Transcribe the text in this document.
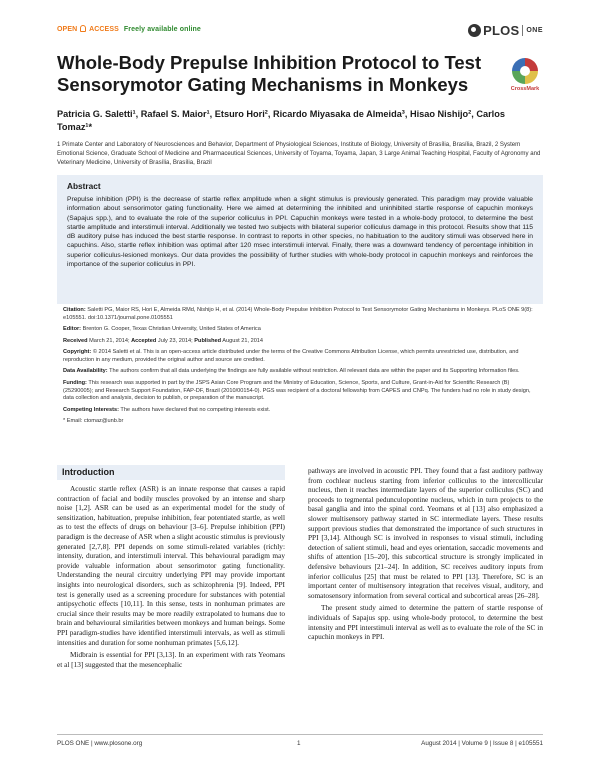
OPEN ACCESS Freely available online	PLOS ONE
Whole-Body Prepulse Inhibition Protocol to Test Sensorymotor Gating Mechanisms in Monkeys	CrossMark
Patricia G. Saletti¹, Rafael S. Maior¹, Etsuro Hori², Ricardo Miyasaka de Almeida³, Hisao Nishijo², Carlos Tomaz¹*
1 Primate Center and Laboratory of Neurosciences and Behavior, Department of Physiological Sciences, Institute of Biology, University of Brasília, Brasília, Brazil, 2 System Emotional Science, Graduate School of Medicine and Pharmaceutical Sciences, University of Toyama, Toyama, Japan, 3 Large Animal Teaching Hospital, Faculty of Agronomy and Veterinary Medicine, University of Brasília, Brasília, Brazil
Abstract

Prepulse inhibition (PPI) is the decrease of startle reflex amplitude when a slight stimulus is previously generated. This paradigm may provide valuable information about sensorimotor gating functionality. Here we aimed at determining the inhibited and uninhibited startle response of capuchin monkeys (Sapajus spp.), and to evaluate the role of the superior colliculus in PPI. Capuchin monkeys were tested in a whole-body protocol, to determine the best startle amplitude and interstimuli interval. Additionally we tested two subjects with bilateral superior colliculus damage in this protocol. Results show that 115 dB auditory pulse has induced the best startle response. In contrast to reports in other species, no habituation to the auditory stimuli was observed here in capuchins. Also, startle reflex inhibition was optimal after 120 msec interstimuli interval. Finally, there was a downward tendency of percentage inhibition in superior colliculus-lesioned monkeys. Our data provides the possibility of further studies with whole-body protocol in capuchin monkeys and reinforces the importance of the superior colliculus in PPI.

Citation: Saletti PG, Maior RS, Hori E, Almeida RMd, Nishijo H, et al. (2014) Whole-Body Prepulse Inhibition Protocol to Test Sensorymotor Gating Mechanisms in Monkeys. PLoS ONE 9(8): e105551. doi:10.1371/journal.pone.0105551

Editor: Brenton G. Cooper, Texas Christian University, United States of America

Received March 21, 2014; Accepted July 23, 2014; Published August 21, 2014

Copyright: © 2014 Saletti et al. This is an open-access article distributed under the terms of the Creative Commons Attribution License, which permits unrestricted use, distribution, and reproduction in any medium, provided the original author and source are credited.

Data Availability: The authors confirm that all data underlying the findings are fully available without restriction. All relevant data are within the paper and its Supporting Information files.

Funding: This research was supported in part by the JSPS Asian Core Program and the Ministry of Education, Science, Sports, and Culture, Grant-in-Aid for Scientific Research (B) (25290005); and Research Support Foundation, FAP-DF, Brazil (2010/00154-0). PGS was recipient of a doctoral fellowship from CAPES and CNPq. The funders had no role in study design, data collection and analysis, decision to publish, or preparation of the manuscript.

Competing Interests: The authors have declared that no competing interests exist.

* Email: ctomaz@unb.br

Introduction

Acoustic startle reflex (ASR) is an innate response that causes a rapid contraction of facial and bodily muscles provoked by an intense and sharp noise [1,2]. ASR can be used as an experimental model for the study of sensitization, habituation, prepulse inhibition, fear potentiated startle, as well as to test the effects of drugs on behaviour [3–6]. Prepulse inhibition (PPI) paradigm is the decrease of ASR when a slight acoustic stimulus is previously generated [2,7,8]. PPI depends on some stimuli-related variables (richly: intensity, duration, and interstimuli interval. This behavioural paradigm may provide valuable information about sensorimotor gating functionality. Understanding the neural circuitry underlying PPI may provide important insights into neurological disorders, such as schizophrenia [9]. Indeed, PPI test is generally used as a screening procedure for substances with potential antipsychotic effects [10,11]. In this sense, tests in nonhuman primates are crucial since their results may be more readily extrapolated to humans due to brain and behavioural similarities between monkeys and human beings. Some PPI paradigm-studies have identified interstimuli intervals, as well as stimuli intensities and duration for some nonhuman primates [5,6,12].

Midbrain is essential for PPI [3,13]. In an experiment with rats Yeomans et al [13] suggested that the mesencephalic

pathways are involved in acoustic PPI. They found that a fast auditory pathway from cochlear nucleus starting from inferior colliculus to the intercollicular nucleus, then it reaches intermediate layers of the superior colliculus (SC) and proceeds to tegmental pedunculopontine nucleus, which in turn projects to the basal ganglia and into the spinal cord. Yeomans et al [13] also emphasized a slower multisensory pathway started in SC intermediate layers. These results support previous studies that demonstrated the importance of such structures in PPI [3,14]. Although SC is involved in responses to visual stimuli, including detection of salient stimuli, head and eyes orientation, saccadic movements and shifts of attention [15–20], this subcortical structure is strongly implicated in defensive behaviours [21–24]. In addition, SC receives auditory inputs from inferior colliculus [25] that must be related to PPI [13]. Therefore, SC is an important center of multisensory integration that receives visual, auditory, and somatosensory information from several cortical and subcortical areas [26–28].

The present study aimed to determine the pattern of startle response of individuals of Sapajus spp. using whole-body protocol, to determine the best intensity and PPI interstimuli interval as well as to evaluate the role of the SC in capuchin monkeys in PPI.

PLOS ONE | www.plosone.org	1	August 2014 | Volume 9 | Issue 8 | e105551
